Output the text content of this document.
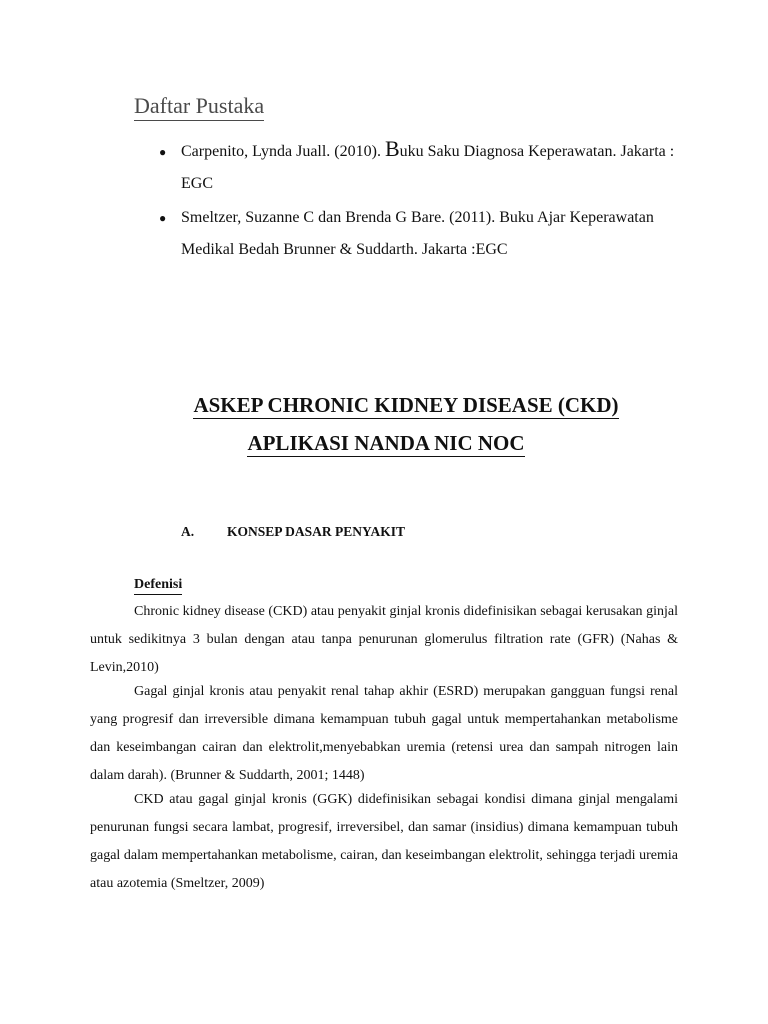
Daftar Pustaka
● Carpenito, Lynda Juall. (2010). Buku Saku Diagnosa Keperawatan. Jakarta : EGC
● Smeltzer, Suzanne C dan Brenda G Bare. (2011). Buku Ajar Keperawatan Medikal Bedah Brunner & Suddarth. Jakarta :EGC
ASKEP CHRONIC KIDNEY DISEASE (CKD)
APLIKASI NANDA NIC NOC
A. KONSEP DASAR PENYAKIT
Defenisi

Chronic kidney disease (CKD) atau penyakit ginjal kronis didefinisikan sebagai kerusakan ginjal untuk sedikitnya 3 bulan dengan atau tanpa penurunan glomerulus filtration rate (GFR) (Nahas & Levin,2010)

Gagal ginjal kronis atau penyakit renal tahap akhir (ESRD) merupakan gangguan fungsi renal yang progresif dan irreversible dimana kemampuan tubuh gagal untuk mempertahankan metabolisme dan keseimbangan cairan dan elektrolit,menyebabkan uremia (retensi urea dan sampah nitrogen lain dalam darah). (Brunner & Suddarth, 2001; 1448)

CKD atau gagal ginjal kronis (GGK) didefinisikan sebagai kondisi dimana ginjal mengalami penurunan fungsi secara lambat, progresif, irreversibel, dan samar (insidius) dimana kemampuan tubuh gagal dalam mempertahankan metabolisme, cairan, dan keseimbangan elektrolit, sehingga terjadi uremia atau azotemia (Smeltzer, 2009)
